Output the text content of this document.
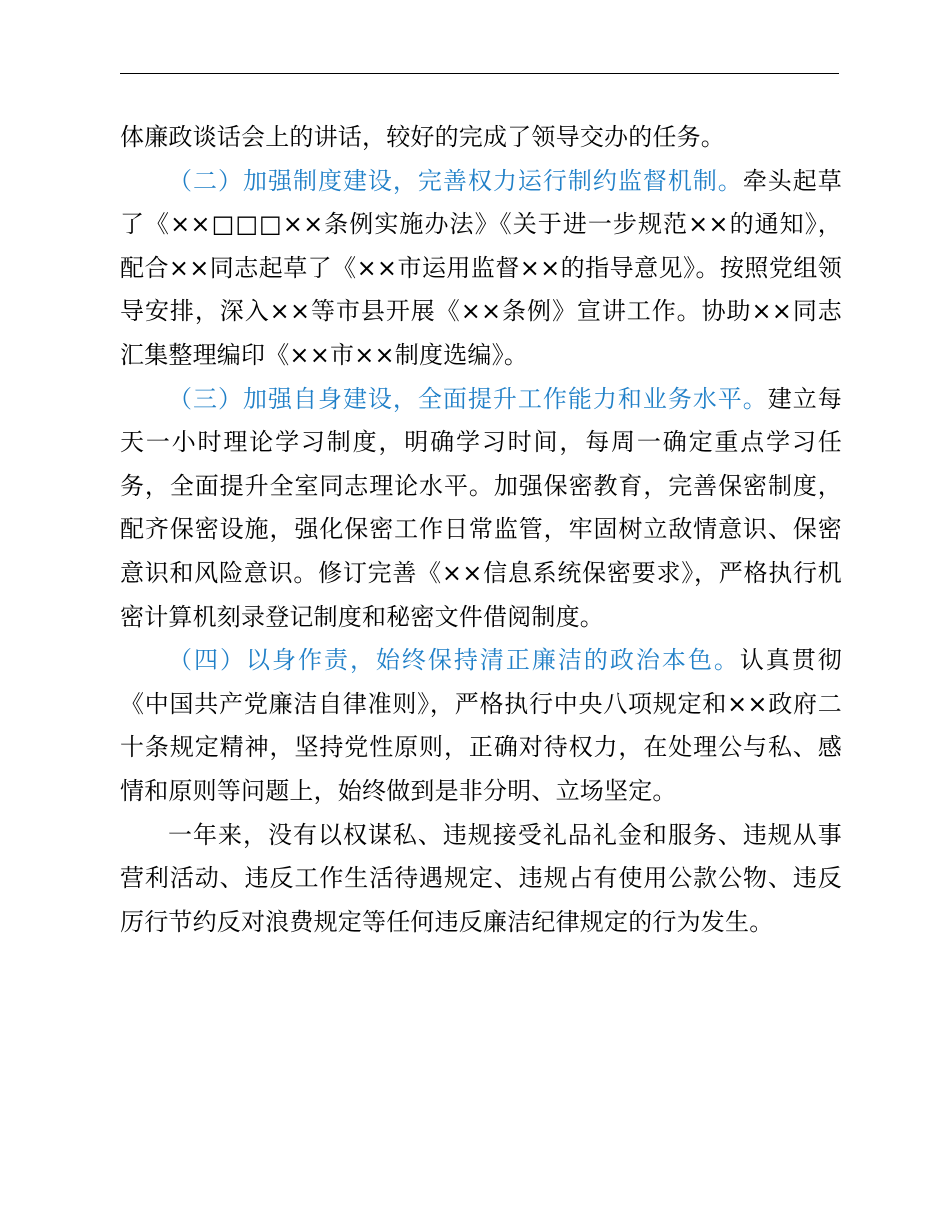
体廉政谈话会上的讲话，较好的完成了领导交办的任务。

（二）加强制度建设，完善权力运行制约监督机制。牵头起草了《××□□□××条例实施办法》《关于进一步规范××的通知》，配合××同志起草了《××市运用监督××的指导意见》。按照党组领导安排，深入××等市县开展《××条例》宣讲工作。协助××同志汇集整理编印《××市××制度选编》。

（三）加强自身建设，全面提升工作能力和业务水平。建立每天一小时理论学习制度，明确学习时间，每周一确定重点学习任务，全面提升全室同志理论水平。加强保密教育，完善保密制度，配齐保密设施，强化保密工作日常监管，牢固树立敌情意识、保密意识和风险意识。修订完善《××信息系统保密要求》，严格执行机密计算机刻录登记制度和秘密文件借阅制度。

（四）以身作责，始终保持清正廉洁的政治本色。认真贯彻《中国共产党廉洁自律准则》，严格执行中央八项规定和××政府二十条规定精神，坚持党性原则，正确对待权力，在处理公与私、感情和原则等问题上，始终做到是非分明、立场坚定。

一年来，没有以权谋私、违规接受礼品礼金和服务、违规从事营利活动、违反工作生活待遇规定、违规占有使用公款公物、违反厉行节约反对浪费规定等任何违反廉洁纪律规定的行为发生。
